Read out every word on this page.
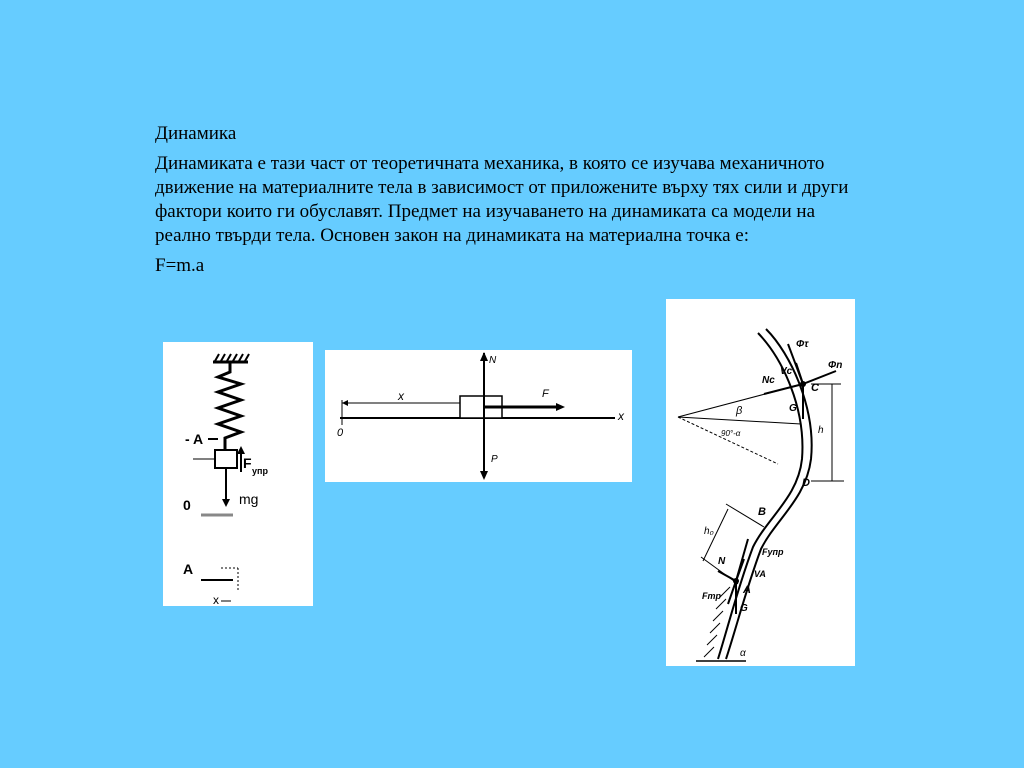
Динамика

Динамиката е тази част от теоретичната механика, в която се изучава механичното движение на материалните тела в зависимост от приложените върху тях сили и други фактори които ги обуславят. Предмет на изучаването на динамиката са модели на реално твърди тела. Основен закон на динамиката на материална точка е:

F=m.a

- A
F упр
mg
0
A
x
x
0
x
N
P
F
β
90°-α
C
Φτ
Φn
Vc
Nc
G
h
D
B
h₀
A
Fупр
VA
N
Fтр
G
α
